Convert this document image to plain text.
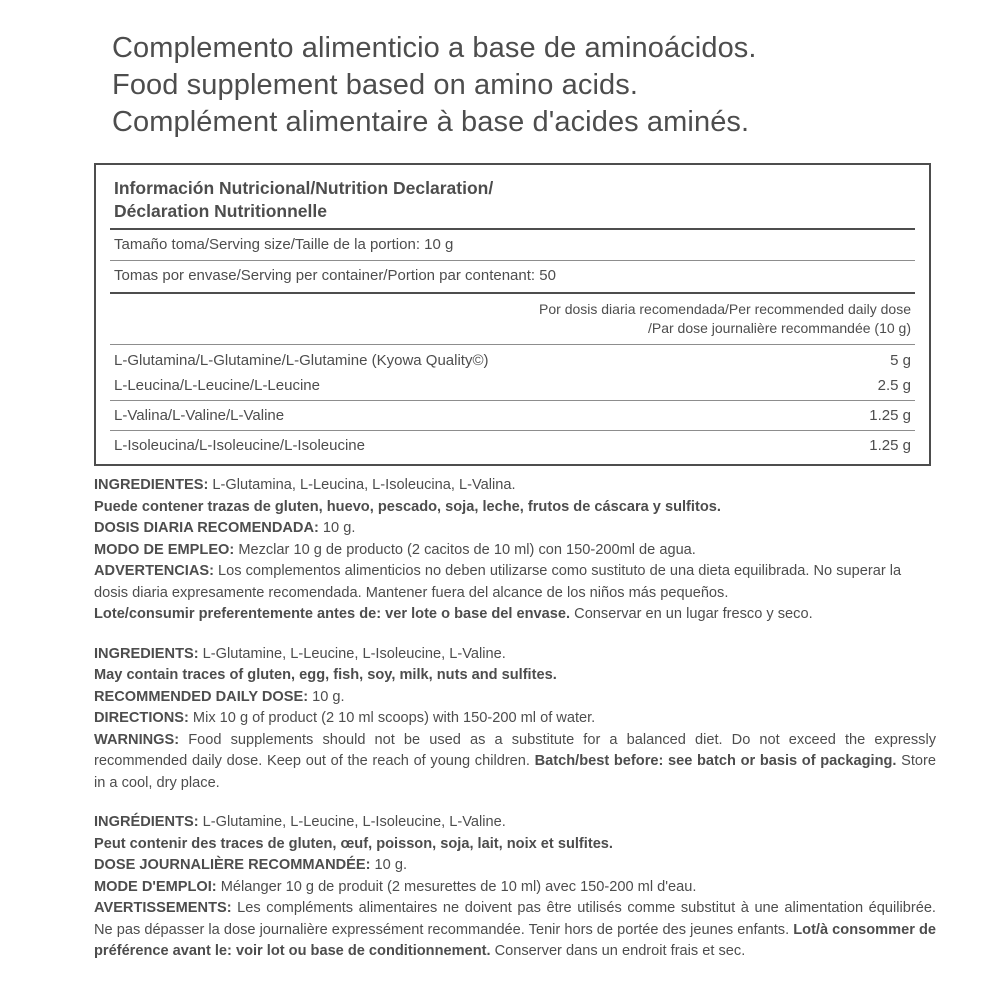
Complemento alimenticio a base de aminoácidos.
Food supplement based on amino acids.
Complément alimentaire à base d'acides aminés.
Información Nutricional/Nutrition Declaration/
Déclaration Nutritionnelle
Tamaño toma/Serving size/Taille de la portion: 10 g
Tomas por envase/Serving per container/Portion par contenant: 50
Por dosis diaria recomendada/Per recommended daily dose
/Par dose journalière recommandée (10 g)
L-Glutamina/L-Glutamine/L-Glutamine (Kyowa Quality©)	5 g
L-Leucina/L-Leucine/L-Leucine	2.5 g
L-Valina/L-Valine/L-Valine	1.25 g
L-Isoleucina/L-Isoleucine/L-Isoleucine	1.25 g

INGREDIENTES: L-Glutamina, L-Leucina, L-Isoleucina, L-Valina.

Puede contener trazas de gluten, huevo, pescado, soja, leche, frutos de cáscara y sulfitos.

DOSIS DIARIA RECOMENDADA: 10 g.

MODO DE EMPLEO: Mezclar 10 g de producto (2 cacitos de 10 ml) con 150-200ml de agua.

ADVERTENCIAS: Los complementos alimenticios no deben utilizarse como sustituto de una dieta equilibrada. No superar la dosis diaria expresamente recomendada. Mantener fuera del alcance de los niños más pequeños.

Lote/consumir preferentemente antes de: ver lote o base del envase. Conservar en un lugar fresco y seco.

INGREDIENTS: L-Glutamine, L-Leucine, L-Isoleucine, L-Valine.

May contain traces of gluten, egg, fish, soy, milk, nuts and sulfites.

RECOMMENDED DAILY DOSE: 10 g.

DIRECTIONS: Mix 10 g of product (2 10 ml scoops) with 150-200 ml of water.

WARNINGS: Food supplements should not be used as a substitute for a balanced diet. Do not exceed the expressly recommended daily dose. Keep out of the reach of young children. Batch/best before: see batch or basis of packaging. Store in a cool, dry place.

INGRÉDIENTS: L-Glutamine, L-Leucine, L-Isoleucine, L-Valine.

Peut contenir des traces de gluten, œuf, poisson, soja, lait, noix et sulfites.

DOSE JOURNALIÈRE RECOMMANDÉE: 10 g.

MODE D'EMPLOI: Mélanger 10 g de produit (2 mesurettes de 10 ml) avec 150-200 ml d'eau.

AVERTISSEMENTS: Les compléments alimentaires ne doivent pas être utilisés comme substitut à une alimentation équilibrée. Ne pas dépasser la dose journalière expressément recommandée. Tenir hors de portée des jeunes enfants. Lot/à consommer de préférence avant le: voir lot ou base de conditionnement. Conserver dans un endroit frais et sec.
